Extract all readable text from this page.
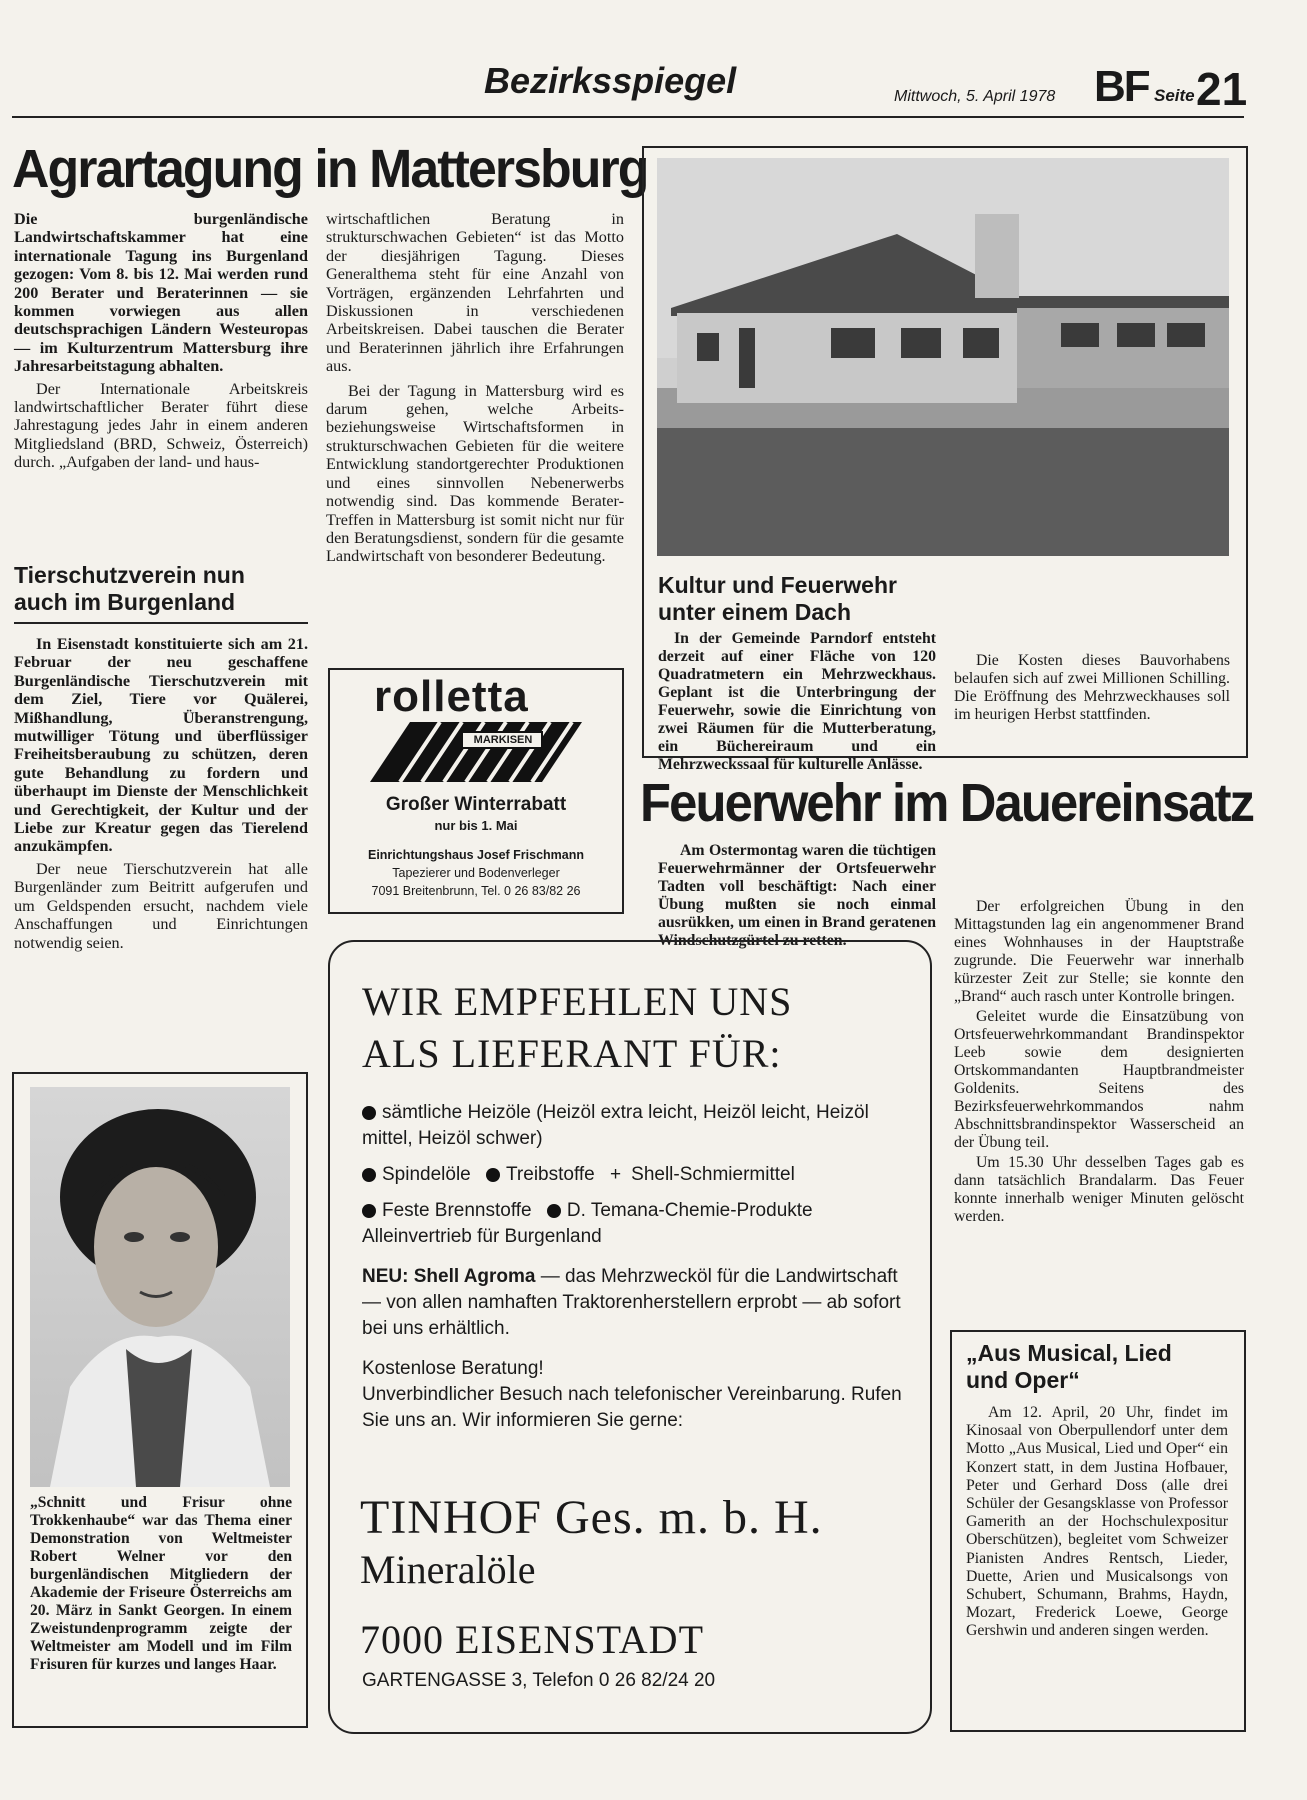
Bezirksspiegel	Mittwoch, 5. April 1978 BF Seite 21
Agrartagung in Mattersburg

Die burgenländische Landwirtschaftskammer hat eine internationale Tagung ins Burgenland gezogen: Vom 8. bis 12. Mai werden rund 200 Berater und Beraterinnen — sie kommen vorwiegen aus allen deutschsprachigen Ländern Westeuropas — im Kulturzentrum Mattersburg ihre Jahresarbeitstagung abhalten.

Der Internationale Arbeitskreis landwirtschaftlicher Berater führt diese Jahrestagung jedes Jahr in einem anderen Mitgliedsland (BRD, Schweiz, Österreich) durch. „Aufgaben der land- und haus-

wirtschaftlichen Beratung in strukturschwachen Gebieten“ ist das Motto der diesjährigen Tagung. Dieses Generalthema steht für eine Anzahl von Vorträgen, ergänzenden Lehrfahrten und Diskussionen in verschiedenen Arbeitskreisen. Dabei tauschen die Berater und Beraterinnen jährlich ihre Erfahrungen aus.

Bei der Tagung in Mattersburg wird es darum gehen, welche Arbeits- beziehungsweise Wirtschaftsformen in strukturschwachen Gebieten für die weitere Entwicklung standortgerechter Produktionen und eines sinnvollen Nebenerwerbs notwendig sind. Das kommende Berater-Treffen in Mattersburg ist somit nicht nur für den Beratungsdienst, sondern für die gesamte Landwirtschaft von besonderer Bedeutung.

Tierschutzverein nun
auch im Burgenland

In Eisenstadt konstituierte sich am 21. Februar der neu geschaffene Burgenländische Tierschutzverein mit dem Ziel, Tiere vor Quälerei, Mißhandlung, Überanstrengung, mutwilliger Tötung und überflüssiger Freiheitsberaubung zu schützen, deren gute Behandlung zu fordern und überhaupt im Dienste der Menschlichkeit und Gerechtigkeit, der Kultur und der Liebe zur Kreatur gegen das Tierelend anzukämpfen.

Der neue Tierschutzverein hat alle Burgenländer zum Beitritt aufgerufen und um Geldspenden ersucht, nachdem viele Anschaffungen und Einrichtungen notwendig seien.

„Schnitt und Frisur ohne Trokkenhaube“ war das Thema einer Demonstration von Weltmeister Robert Welner vor den burgenländischen Mitgliedern der Akademie der Friseure Österreichs am 20. März in Sankt Georgen. In einem Zweistundenprogramm zeigte der Weltmeister am Modell und im Film Frisuren für kurzes und langes Haar.

Kultur und Feuerwehr
unter einem Dach

In der Gemeinde Parndorf entsteht derzeit auf einer Fläche von 120 Quadratmetern ein Mehrzweckhaus. Geplant ist die Unterbringung der Feuerwehr, sowie die Einrichtung von zwei Räumen für die Mutterberatung, ein Büchereiraum und ein Mehrzweckssaal für kulturelle Anlässe.

Die Kosten dieses Bauvorhabens belaufen sich auf zwei Millionen Schilling. Die Eröffnung des Mehrzweckhauses soll im heurigen Herbst stattfinden.

rolletta
MARKISEN
Großer Winterrabatt
nur bis 1. Mai
Einrichtungshaus Josef Frischmann
Tapezierer und Bodenverleger
7091 Breitenbrunn, Tel. 0 26 83/82 26
Feuerwehr im Dauereinsatz

Am Ostermontag waren die tüchtigen Feuerwehrmänner der Ortsfeuerwehr Tadten voll beschäftigt: Nach einer Übung mußten sie noch einmal ausrükken, um einen in Brand geratenen Windschutzgürtel zu retten.

Der erfolgreichen Übung in den Mittagstunden lag ein angenommener Brand eines Wohnhauses in der Hauptstraße zugrunde. Die Feuerwehr war innerhalb kürzester Zeit zur Stelle; sie konnte den „Brand“ auch rasch unter Kontrolle bringen.

Geleitet wurde die Einsatzübung von Ortsfeuerwehrkommandant Brandinspektor Leeb sowie dem designierten Ortskommandanten Hauptbrandmeister Goldenits. Seitens des Bezirksfeuerwehrkommandos nahm Abschnittsbrandinspektor Wasserscheid an der Übung teil.

Um 15.30 Uhr desselben Tages gab es dann tatsächlich Brandalarm. Das Feuer konnte innerhalb weniger Minuten gelöscht werden.

WIR EMPFEHLEN UNS
ALS LIEFERANT FÜR:
sämtliche Heizöle (Heizöl extra leicht, Heizöl leicht, Heizöl mittel, Heizöl schwer)
Spindelöle Treibstoffe + Shell-Schmiermittel
Feste Brennstoffe D. Temana-Chemie-Produkte
Alleinvertrieb für Burgenland
NEU: Shell Agroma — das Mehrzwecköl für die Landwirtschaft — von allen namhaften Traktorenherstellern erprobt — ab sofort bei uns erhältlich.
Kostenlose Beratung!
Unverbindlicher Besuch nach telefonischer Vereinbarung. Rufen Sie uns an. Wir informieren Sie gerne:
TINHOF Ges. m. b. H.
Mineralöle
7000 EISENSTADT
GARTENGASSE 3, Telefon 0 26 82/24 20
„Aus Musical, Lied
und Oper“

Am 12. April, 20 Uhr, findet im Kinosaal von Oberpullendorf unter dem Motto „Aus Musical, Lied und Oper“ ein Konzert statt, in dem Justina Hofbauer, Peter und Gerhard Doss (alle drei Schüler der Gesangsklasse von Professor Gamerith an der Hochschulexpositur Oberschützen), begleitet vom Schweizer Pianisten Andres Rentsch, Lieder, Duette, Arien und Musicalsongs von Schubert, Schumann, Brahms, Haydn, Mozart, Frederick Loewe, George Gershwin und anderen singen werden.
